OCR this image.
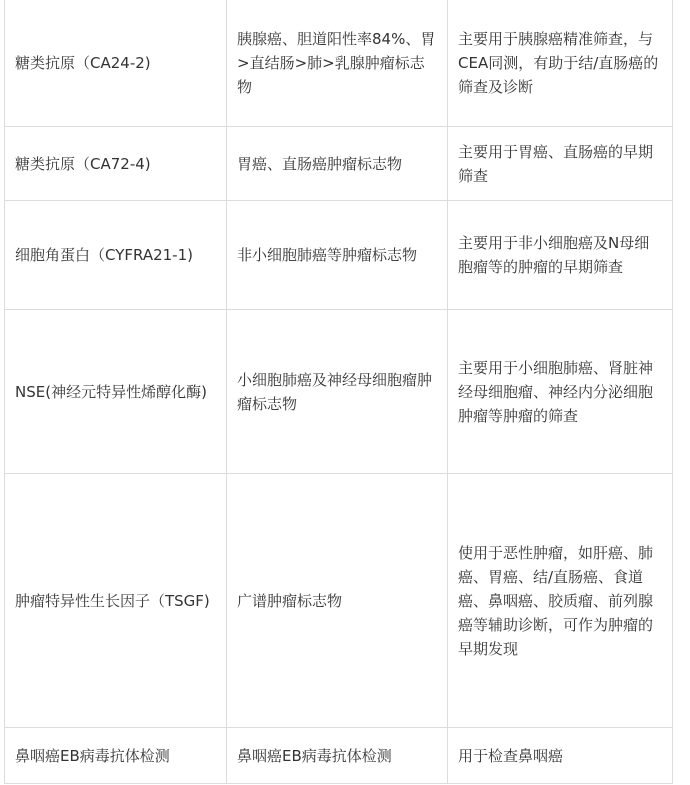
糖类抗原（CA24-2)	胰腺癌、胆道阳性率84%、胃>直结肠>肺>乳腺肿瘤标志物	主要用于胰腺癌精准筛查，与CEA同测，有助于结/直肠癌的筛查及诊断
糖类抗原（CA72-4)	胃癌、直肠癌肿瘤标志物	主要用于胃癌、直肠癌的早期筛查
细胞角蛋白（CYFRA21-1)	非小细胞肺癌等肿瘤标志物	主要用于非小细胞癌及N母细胞瘤等的肿瘤的早期筛查
NSE(神经元特异性烯醇化酶)	小细胞肺癌及神经母细胞瘤肿瘤标志物	主要用于小细胞肺癌、肾脏神经母细胞瘤、神经内分泌细胞肿瘤等肿瘤的筛查
肿瘤特异性生长因子（TSGF)	广谱肿瘤标志物	使用于恶性肿瘤，如肝癌、肺癌、胃癌、结/直肠癌、食道癌、鼻咽癌、胶质瘤、前列腺癌等辅助诊断，可作为肿瘤的早期发现
鼻咽癌EB病毒抗体检测	鼻咽癌EB病毒抗体检测	用于检查鼻咽癌
